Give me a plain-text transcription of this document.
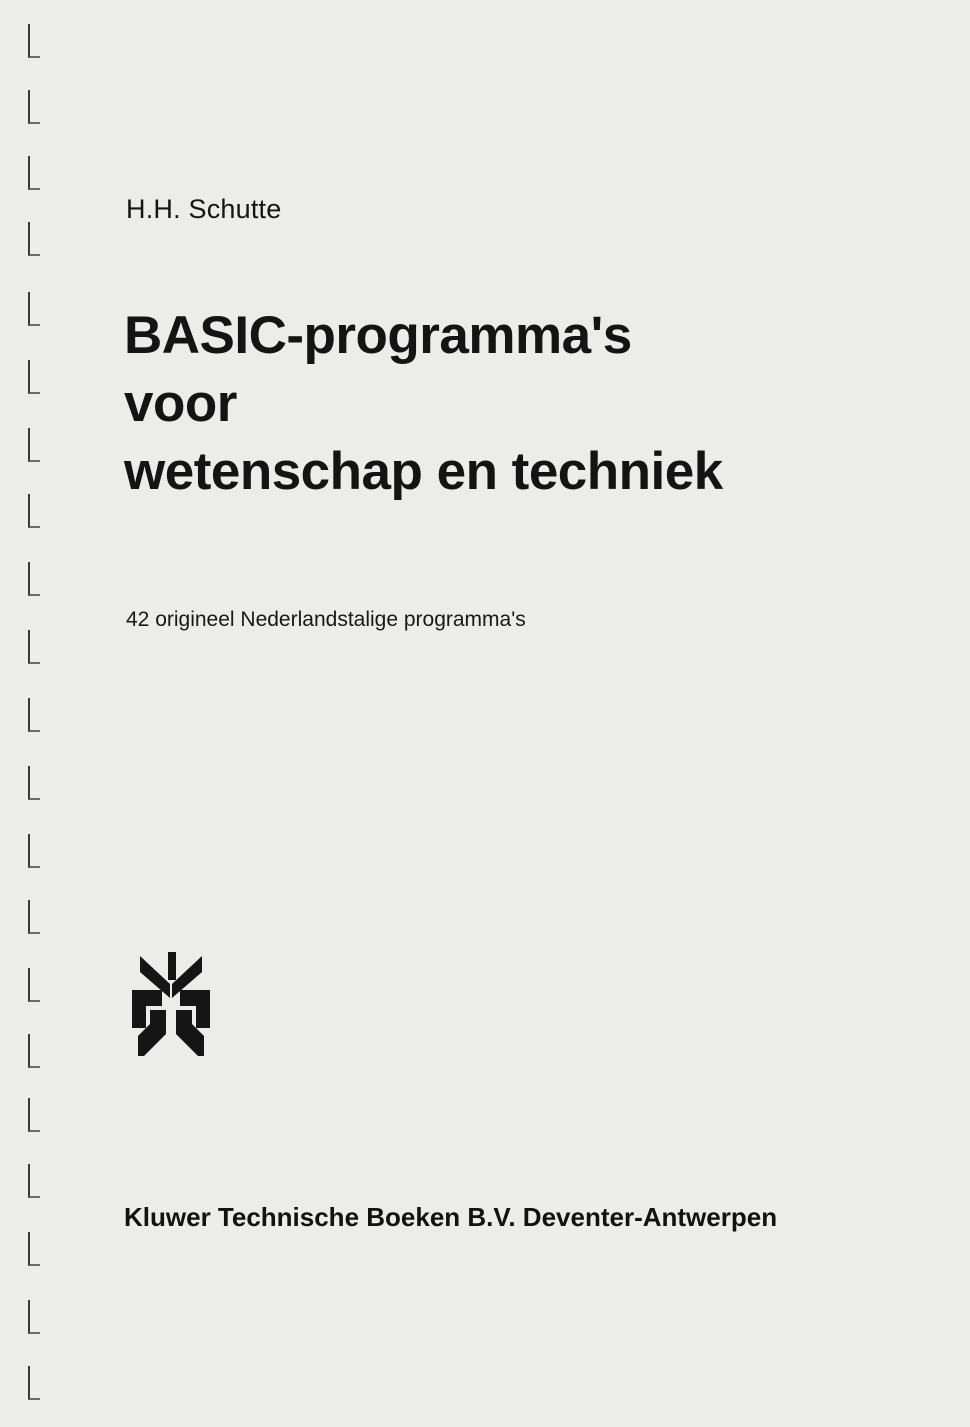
H.H. Schutte
BASIC-programma's
voor
wetenschap en techniek
42 origineel Nederlandstalige programma's
Kluwer Technische Boeken B.V. Deventer-Antwerpen
